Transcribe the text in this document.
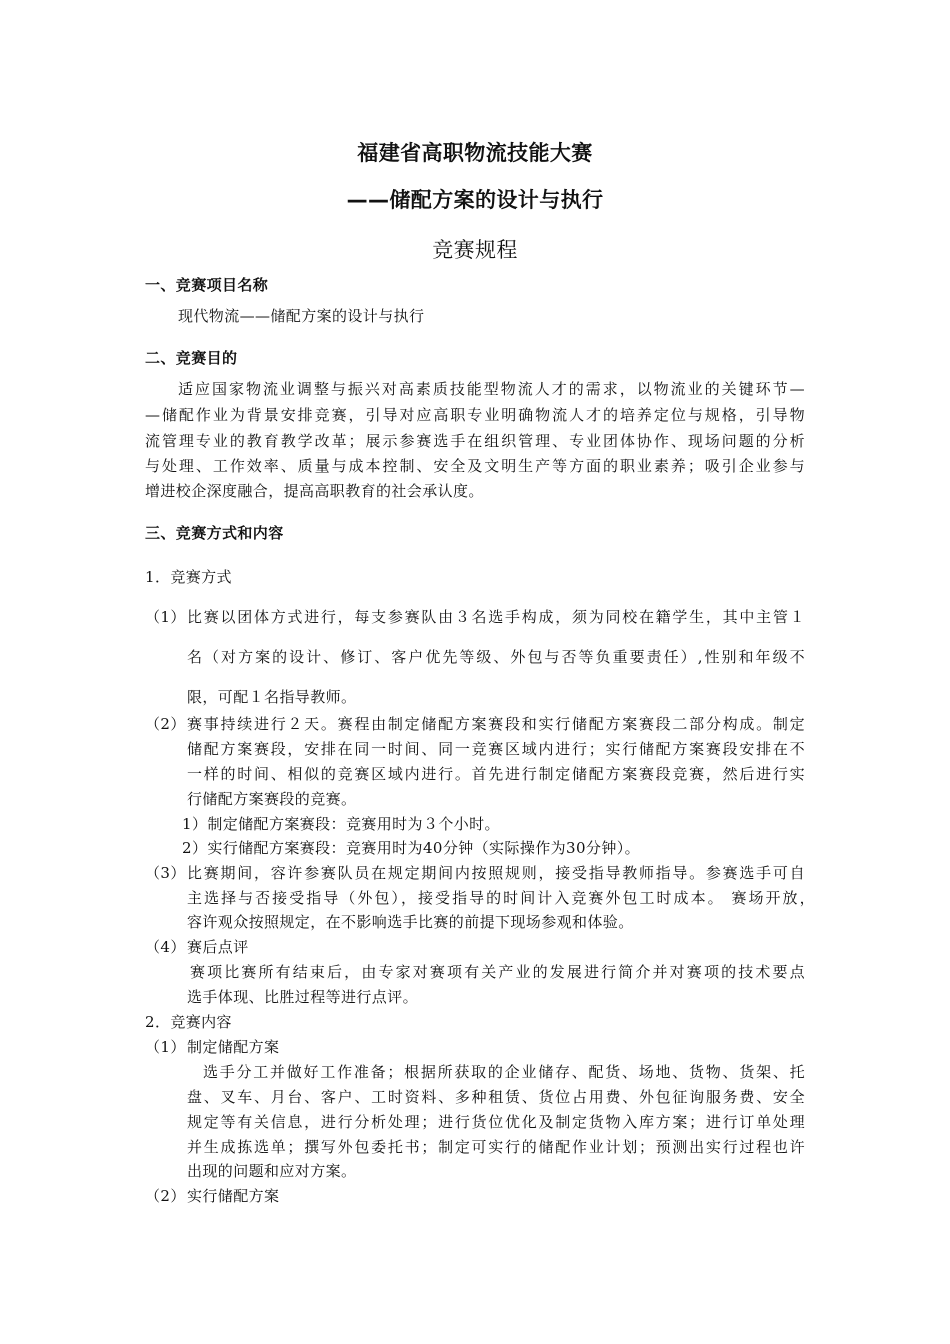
福建省高职物流技能大赛
——储配方案的设计与执行
竞赛规程
一、竞赛项目名称
现代物流——储配方案的设计与执行
二、竞赛目的
适应国家物流业调整与振兴对高素质技能型物流人才的需求，以物流业的关键环节—
—储配作业为背景安排竞赛，引导对应高职专业明确物流人才的培养定位与规格，引导物
流管理专业的教育教学改革；展示参赛选手在组织管理、专业团体协作、现场问题的分析
与处理、工作效率、质量与成本控制、安全及文明生产等方面的职业素养；吸引企业参与
增进校企深度融合，提高高职教育的社会承认度。
三、竞赛方式和内容
1．竞赛方式
（1） 比赛以团体方式进行，每支参赛队由３名选手构成，须为同校在籍学生，其中主管１
名（对方案的设计、修订、客户优先等级、外包与否等负重要责任）,性别和年级不
限，可配１名指导教师。
（2） 赛事持续进行２天。赛程由制定储配方案赛段和实行储配方案赛段二部分构成。制定
储配方案赛段，安排在同一时间、同一竞赛区域内进行；实行储配方案赛段安排在不
一样的时间、相似的竞赛区域内进行。首先进行制定储配方案赛段竞赛，然后进行实
行储配方案赛段的竞赛。
1）制定储配方案赛段：竞赛用时为３个小时。
2）实行储配方案赛段：竞赛用时为40分钟（实际操作为30分钟）。
（3） 比赛期间，容许参赛队员在规定期间内按照规则，接受指导教师指导。参赛选手可自
主选择与否接受指导（外包），接受指导的时间计入竞赛外包工时成本。 赛场开放，
容许观众按照规定，在不影响选手比赛的前提下现场参观和体验。
（4） 赛后点评
赛项比赛所有结束后，由专家对赛项有关产业的发展进行简介并对赛项的技术要点
选手体现、比胜过程等进行点评。
2．竞赛内容
（1） 制定储配方案
选手分工并做好工作准备；根据所获取的企业储存、配货、场地、货物、货架、托
盘、叉车、月台、客户、工时资料、多种租赁、货位占用费、外包征询服务费、安全
规定等有关信息，进行分析处理；进行货位优化及制定货物入库方案；进行订单处理
并生成拣选单；撰写外包委托书；制定可实行的储配作业计划；预测出实行过程也许
出现的问题和应对方案。
（2） 实行储配方案
